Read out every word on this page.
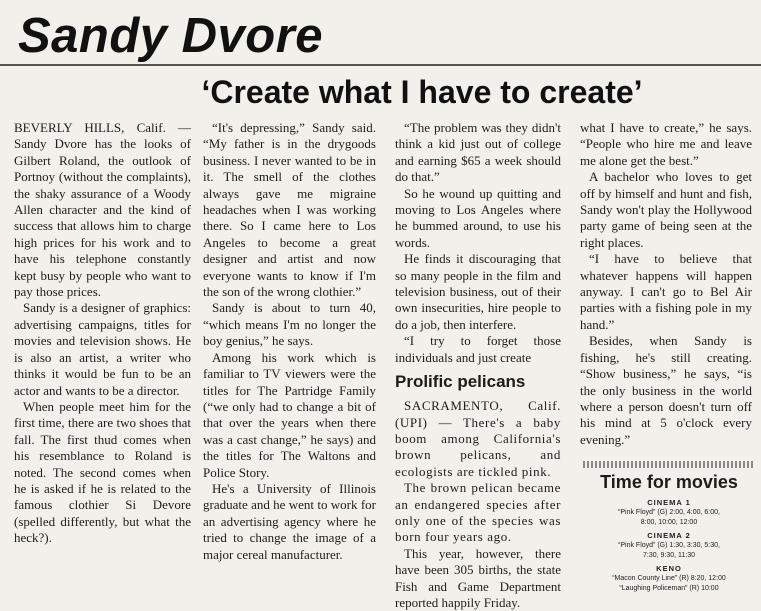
Sandy Dvore
‘Create what I have to create’

BEVERLY HILLS, Calif. — Sandy Dvore has the looks of Gilbert Roland, the outlook of Portnoy (without the complaints), the shaky assurance of a Woody Allen character and the kind of success that allows him to charge high prices for his work and to have his telephone constantly kept busy by people who want to pay those prices.

Sandy is a designer of graphics: advertising campaigns, titles for movies and television shows. He is also an artist, a writer who thinks it would be fun to be an actor and wants to be a director.

When people meet him for the first time, there are two shoes that fall. The first thud comes when his resemblance to Roland is noted. The second comes when he is asked if he is related to the famous clothier Si Devore (spelled differently, but what the heck?).

“It's depressing,” Sandy said. “My father is in the drygoods business. I never wanted to be in it. The smell of the clothes always gave me migraine headaches when I was working there. So I came here to Los Angeles to become a great designer and artist and now everyone wants to know if I'm the son of the wrong clothier.”

Sandy is about to turn 40, “which means I'm no longer the boy genius,” he says.

Among his work which is familiar to TV viewers were the titles for The Partridge Family (“we only had to change a bit of that over the years when there was a cast change,” he says) and the titles for The Waltons and Police Story.

He's a University of Illinois graduate and he went to work for an advertising agency where he tried to change the image of a major cereal manufacturer.

“The problem was they didn't think a kid just out of college and earning $65 a week should do that.”

So he wound up quitting and moving to Los Angeles where he bummed around, to use his words.

He finds it discouraging that so many people in the film and television business, out of their own insecurities, hire people to do a job, then interfere.

“I try to forget those individuals and just create

Prolific pelicans

SACRAMENTO, Calif. (UPI) — There's a baby boom among California's brown pelicans, and ecologists are tickled pink.

The brown pelican became an endangered species after only one of the species was born four years ago.

This year, however, there have been 305 births, the state Fish and Game Department reported happily Friday.

what I have to create,” he says. “People who hire me and leave me alone get the best.”

A bachelor who loves to get off by himself and hunt and fish, Sandy won't play the Hollywood party game of being seen at the right places.

“I have to believe that whatever happens will happen anyway. I can't go to Bel Air parties with a fishing pole in my hand.”

Besides, when Sandy is fishing, he's still creating. “Show business,” he says, “is the only business in the world where a person doesn't turn off his mind at 5 o'clock every evening.”

Time for movies
CINEMA 1
“Pink Floyd” (G) 2:00, 4:00, 6:00,
8:00, 10:00, 12:00
CINEMA 2
“Pink Floyd” (G) 1:30, 3:30, 5:30,
7:30, 9:30, 11:30
KENO
“Macon County Line” (R) 8:20, 12:00
“Laughing Policeman” (R) 10:00
